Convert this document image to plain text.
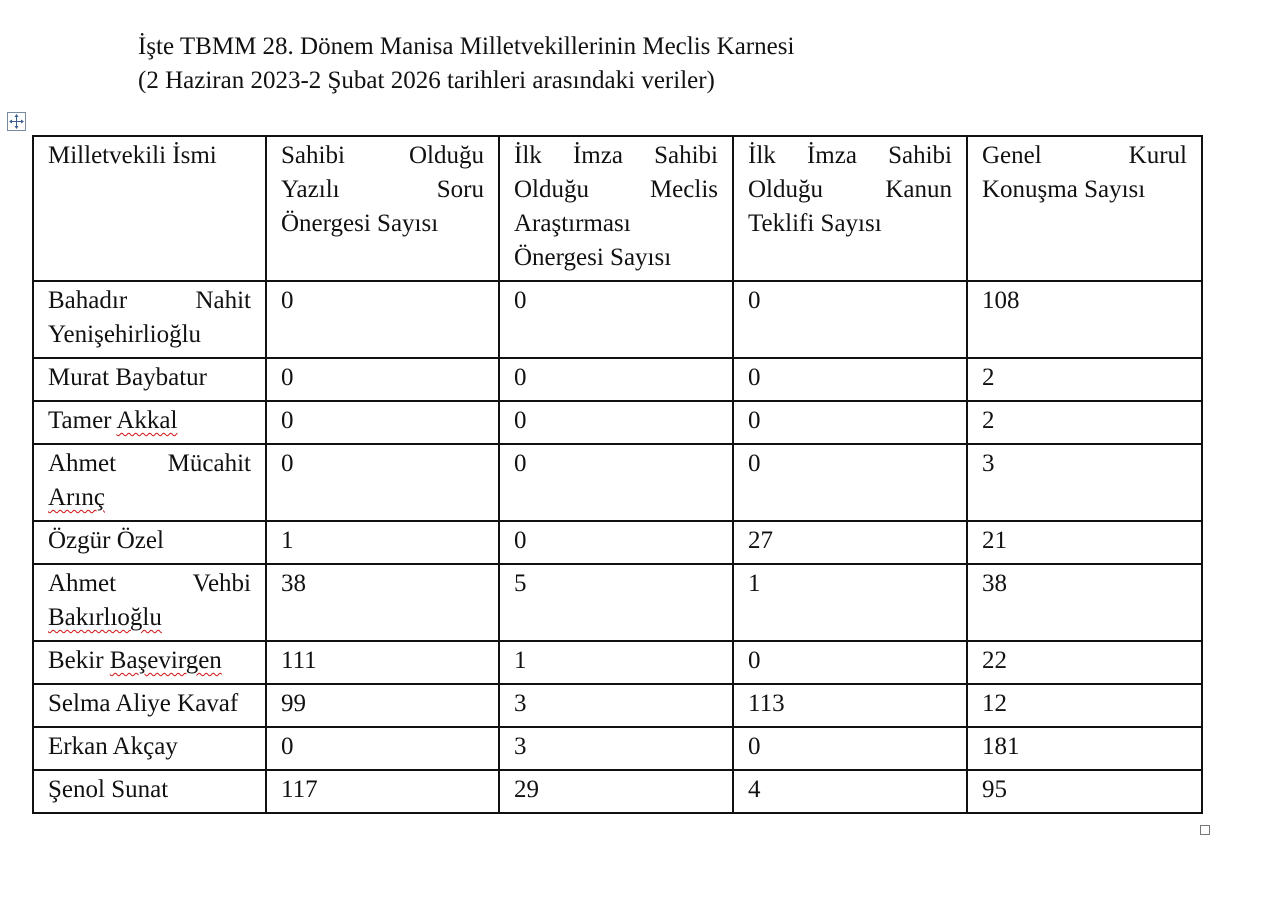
İşte TBMM 28. Dönem Manisa Milletvekillerinin Meclis Karnesi
(2 Haziran 2023-2 Şubat 2026 tarihleri arasındaki veriler)
Milletvekili İsmi	Sahibi Olduğu Yazılı Soru Önergesi Sayısı	İlk İmza Sahibi Olduğu Meclis Araştırması Önergesi Sayısı	İlk İmza Sahibi Olduğu Kanun Teklifi Sayısı	Genel Kurul Konuşma Sayısı
Bahadır Nahit Yenişehirlioğlu	0	0	0	108
Murat Baybatur	0	0	0	2
Tamer Akkal	0	0	0	2
Ahmet Mücahit Arınç	0	0	0	3
Özgür Özel	1	0	27	21
Ahmet Vehbi Bakırlıoğlu	38	5	1	38
Bekir Başevirgen	111	1	0	22
Selma Aliye Kavaf	99	3	113	12
Erkan Akçay	0	3	0	181
Şenol Sunat	117	29	4	95
